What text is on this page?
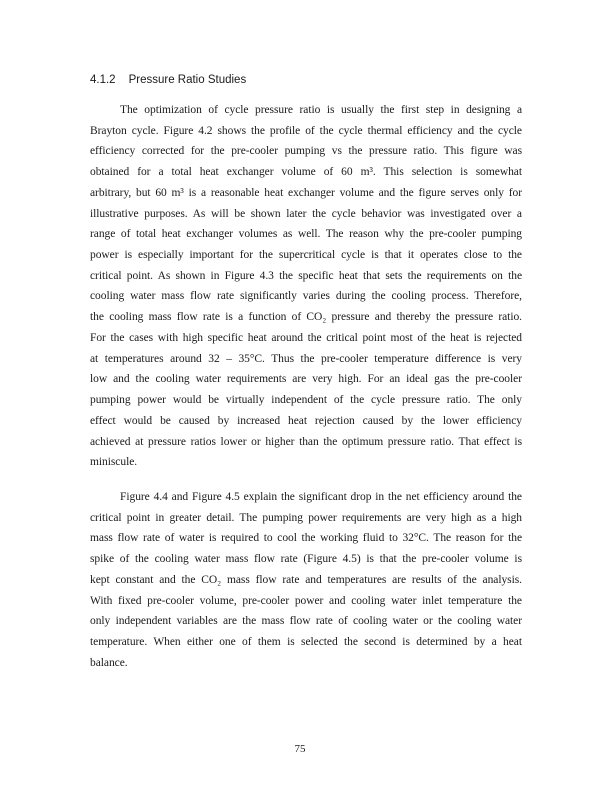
4.1.2 Pressure Ratio Studies
The optimization of cycle pressure ratio is usually the first step in designing a
Brayton cycle. Figure 4.2 shows the profile of the cycle thermal efficiency and the cycle
efficiency corrected for the pre-cooler pumping vs the pressure ratio. This figure was
obtained for a total heat exchanger volume of 60 m³. This selection is somewhat
arbitrary, but 60 m³ is a reasonable heat exchanger volume and the figure serves only for
illustrative purposes. As will be shown later the cycle behavior was investigated over a
range of total heat exchanger volumes as well. The reason why the pre-cooler pumping
power is especially important for the supercritical cycle is that it operates close to the
critical point. As shown in Figure 4.3 the specific heat that sets the requirements on the
cooling water mass flow rate significantly varies during the cooling process. Therefore,
the cooling mass flow rate is a function of CO₂ pressure and thereby the pressure ratio.
For the cases with high specific heat around the critical point most of the heat is rejected
at temperatures around 32 – 35°C. Thus the pre-cooler temperature difference is very
low and the cooling water requirements are very high. For an ideal gas the pre-cooler
pumping power would be virtually independent of the cycle pressure ratio. The only
effect would be caused by increased heat rejection caused by the lower efficiency
achieved at pressure ratios lower or higher than the optimum pressure ratio. That effect is
miniscule.
Figure 4.4 and Figure 4.5 explain the significant drop in the net efficiency around the
critical point in greater detail. The pumping power requirements are very high as a high
mass flow rate of water is required to cool the working fluid to 32°C. The reason for the
spike of the cooling water mass flow rate (Figure 4.5) is that the pre-cooler volume is
kept constant and the CO₂ mass flow rate and temperatures are results of the analysis.
With fixed pre-cooler volume, pre-cooler power and cooling water inlet temperature the
only independent variables are the mass flow rate of cooling water or the cooling water
temperature. When either one of them is selected the second is determined by a heat
balance.
75
